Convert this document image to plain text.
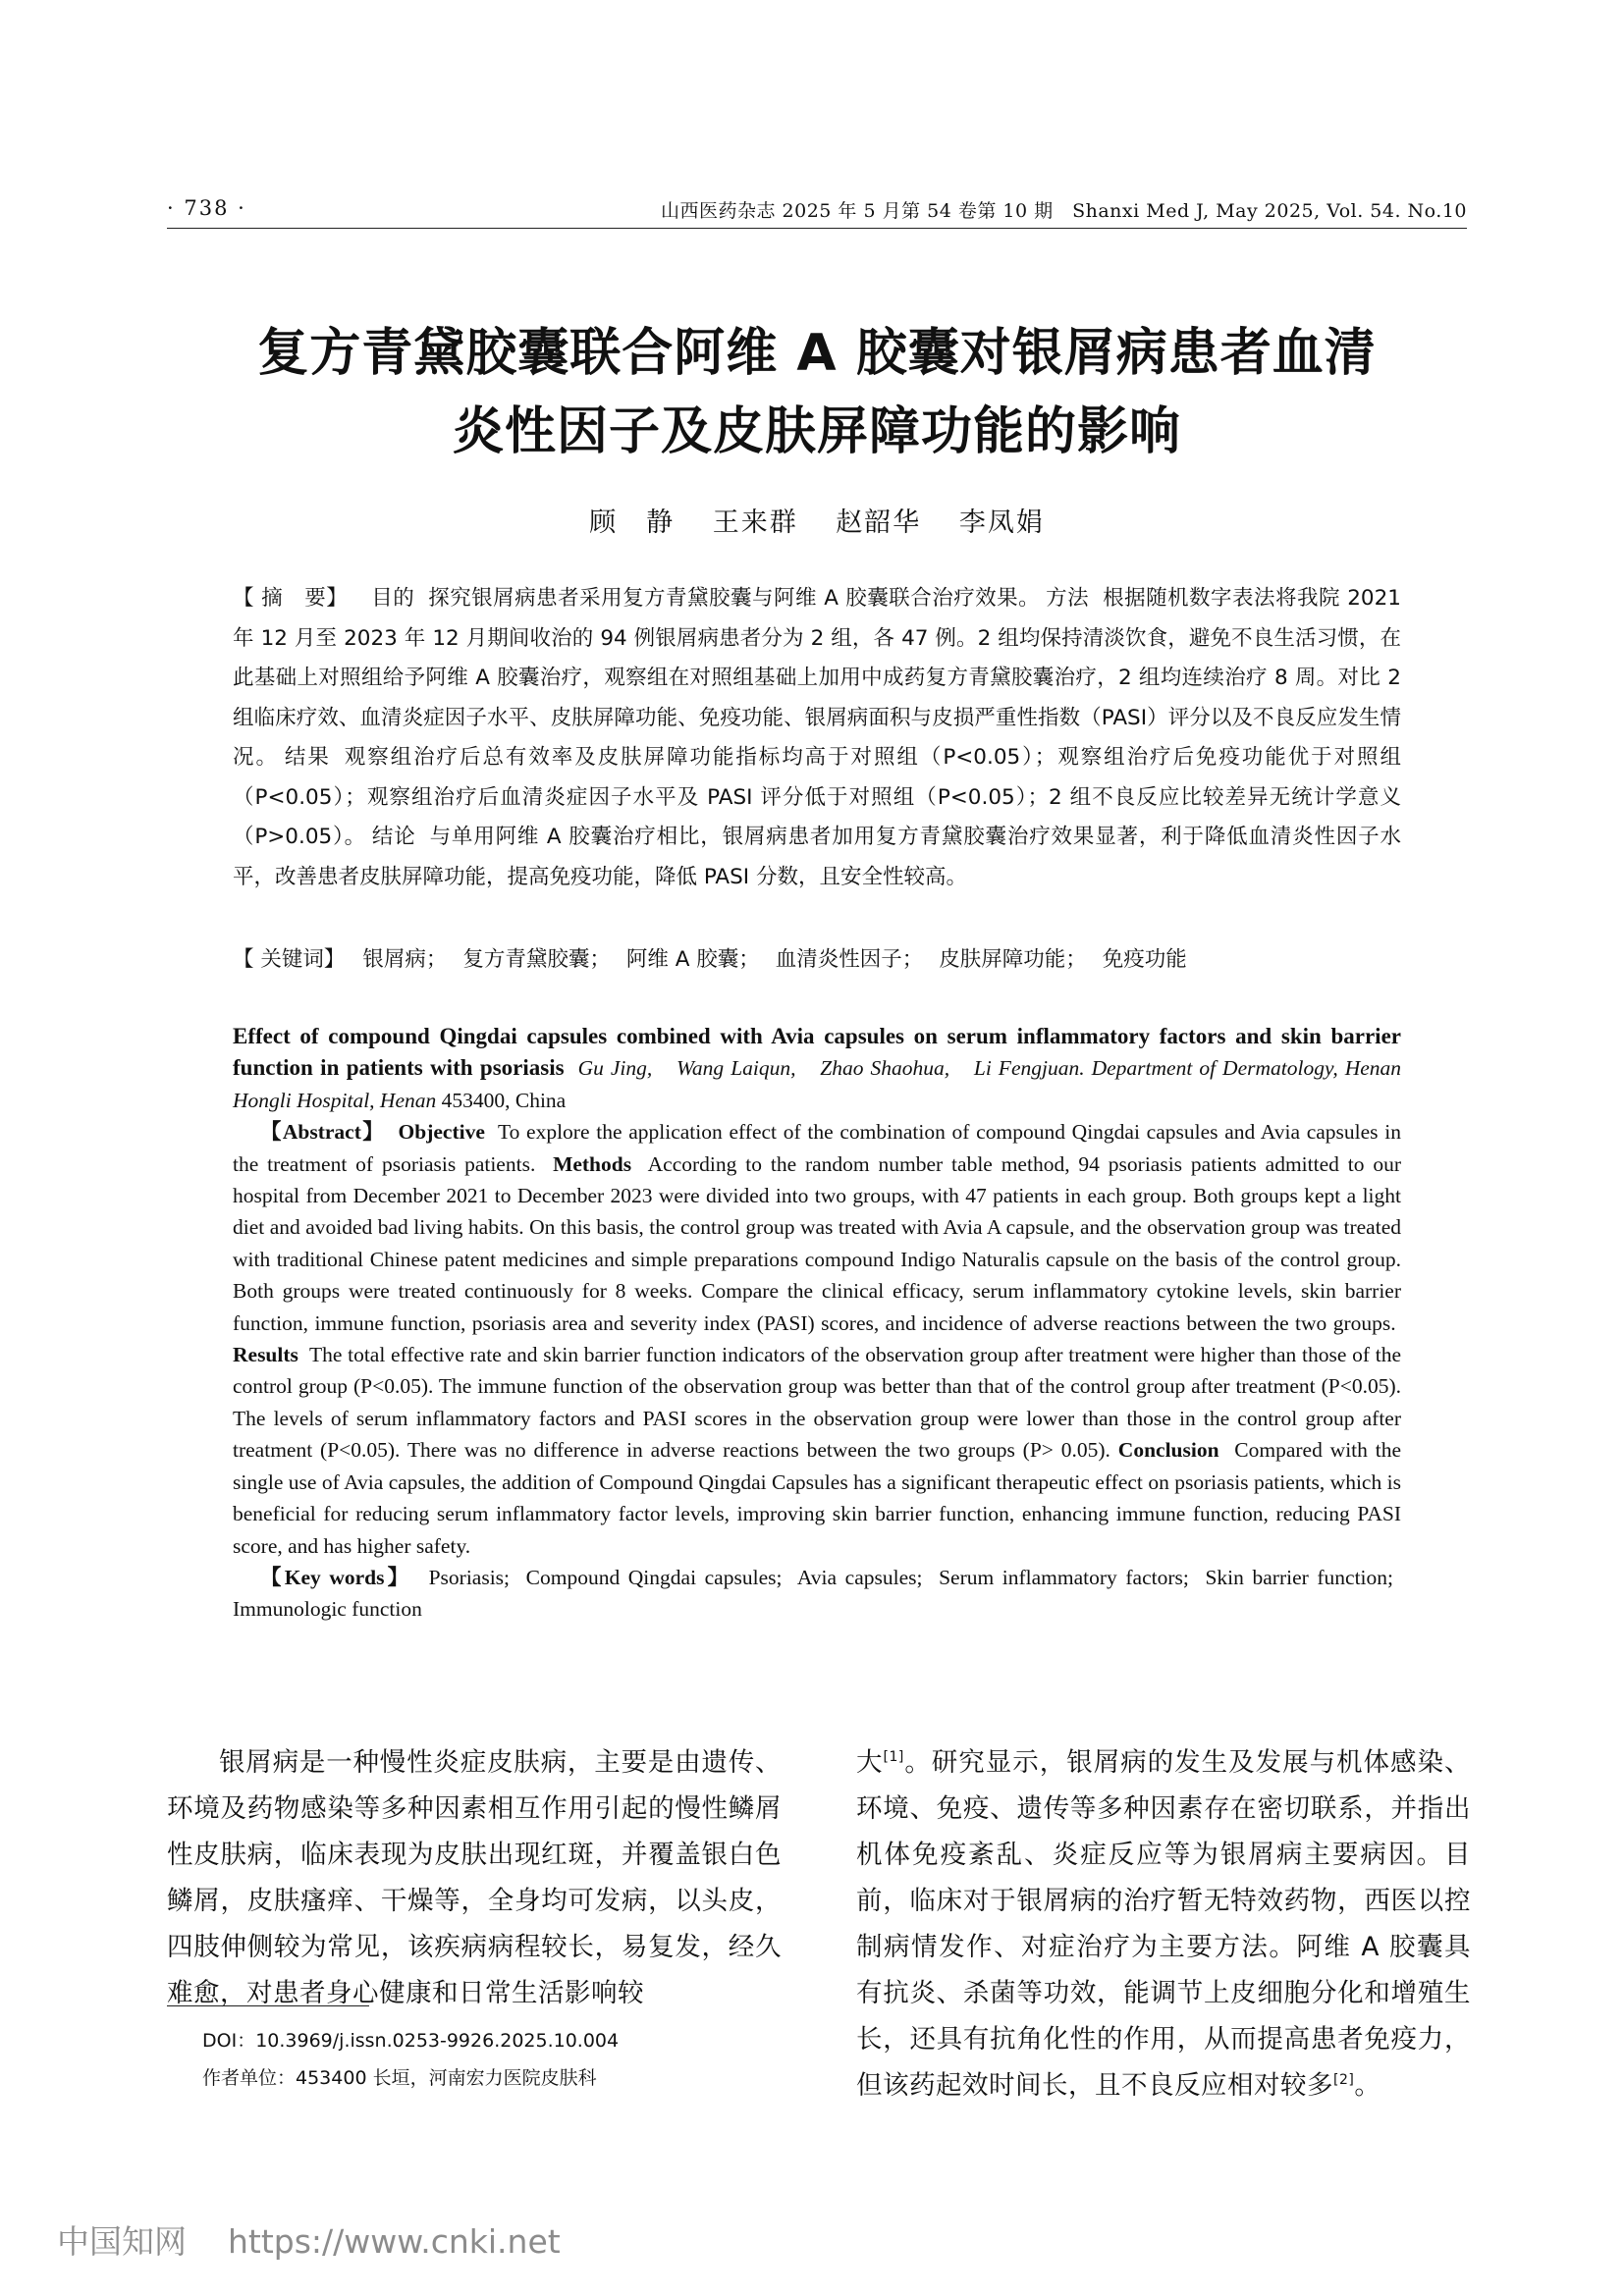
· 738 ·	山西医药杂志 2025 年 5 月第 54 卷第 10 期　Shanxi Med J, May 2025, Vol. 54. No.10
复方青黛胶囊联合阿维 A 胶囊对银屑病患者血清
炎性因子及皮肤屏障功能的影响
顾　静 王来群 赵韶华 李凤娟
【 摘　要】 目的 探究银屑病患者采用复方青黛胶囊与阿维 A 胶囊联合治疗效果。 方法 根据随机数字表法将我院 2021 年 12 月至 2023 年 12 月期间收治的 94 例银屑病患者分为 2 组，各 47 例。2 组均保持清淡饮食，避免不良生活习惯，在此基础上对照组给予阿维 A 胶囊治疗，观察组在对照组基础上加用中成药复方青黛胶囊治疗，2 组均连续治疗 8 周。对比 2 组临床疗效、血清炎症因子水平、皮肤屏障功能、免疫功能、银屑病面积与皮损严重性指数（PASI）评分以及不良反应发生情况。 结果 观察组治疗后总有效率及皮肤屏障功能指标均高于对照组（P<0.05）；观察组治疗后免疫功能优于对照组（P<0.05）；观察组治疗后血清炎症因子水平及 PASI 评分低于对照组（P<0.05）；2 组不良反应比较差异无统计学意义（P>0.05）。 结论 与单用阿维 A 胶囊治疗相比，银屑病患者加用复方青黛胶囊治疗效果显著，利于降低血清炎性因子水平，改善患者皮肤屏障功能，提高免疫功能，降低 PASI 分数，且安全性较高。
【 关键词】 银屑病； 复方青黛胶囊； 阿维 A 胶囊； 血清炎性因子； 皮肤屏障功能； 免疫功能
Effect of compound Qingdai capsules combined with Avia capsules on serum inflammatory factors and skin barrier function in patients with psoriasis Gu Jing,　Wang Laiqun,　Zhao Shaohua,　Li Fengjuan. Department of Dermatology, Henan Hongli Hospital, Henan 453400, China
【Abstract】 Objective To explore the application effect of the combination of compound Qingdai capsules and Avia capsules in the treatment of psoriasis patients. Methods According to the random number table method, 94 psoriasis patients admitted to our hospital from December 2021 to December 2023 were divided into two groups, with 47 patients in each group. Both groups kept a light diet and avoided bad living habits. On this basis, the control group was treated with Avia A capsule, and the observation group was treated with traditional Chinese patent medicines and simple preparations compound Indigo Naturalis capsule on the basis of the control group. Both groups were treated continuously for 8 weeks. Compare the clinical efficacy, serum inflammatory cytokine levels, skin barrier function, immune function, psoriasis area and severity index (PASI) scores, and incidence of adverse reactions between the two groups.  Results The total effective rate and skin barrier function indicators of the observation group after treatment were higher than those of the control group (P<0.05). The immune function of the observation group was better than that of the control group after treatment (P<0.05). The levels of serum inflammatory factors and PASI scores in the observation group were lower than those in the control group after treatment (P<0.05). There was no difference in adverse reactions between the two groups (P> 0.05). Conclusion Compared with the single use of Avia capsules, the addition of Compound Qingdai Capsules has a significant therapeutic effect on psoriasis patients, which is beneficial for reducing serum inflammatory factor levels, improving skin barrier function, enhancing immune function, reducing PASI score, and has higher safety.
【Key words】 Psoriasis; Compound Qingdai capsules; Avia capsules; Serum inflammatory factors; Skin barrier function; Immunologic function
银屑病是一种慢性炎症皮肤病，主要是由遗传、环境及药物感染等多种因素相互作用引起的慢性鳞屑性皮肤病，临床表现为皮肤出现红斑，并覆盖银白色鳞屑，皮肤瘙痒、干燥等，全身均可发病，以头皮，四肢伸侧较为常见，该疾病病程较长，易复发，经久难愈，对患者身心健康和日常生活影响较
大[1]。研究显示，银屑病的发生及发展与机体感染、环境、免疫、遗传等多种因素存在密切联系，并指出机体免疫紊乱、炎症反应等为银屑病主要病因。目前，临床对于银屑病的治疗暂无特效药物，西医以控制病情发作、对症治疗为主要方法。阿维 A 胶囊具有抗炎、杀菌等功效，能调节上皮细胞分化和增殖生长，还具有抗角化性的作用，从而提高患者免疫力，但该药起效时间长，且不良反应相对较多[2]。
DOI：10.3969/j.issn.0253-9926.2025.10.004
作者单位：453400 长垣，河南宏力医院皮肤科
中国知网 https://www.cnki.net
